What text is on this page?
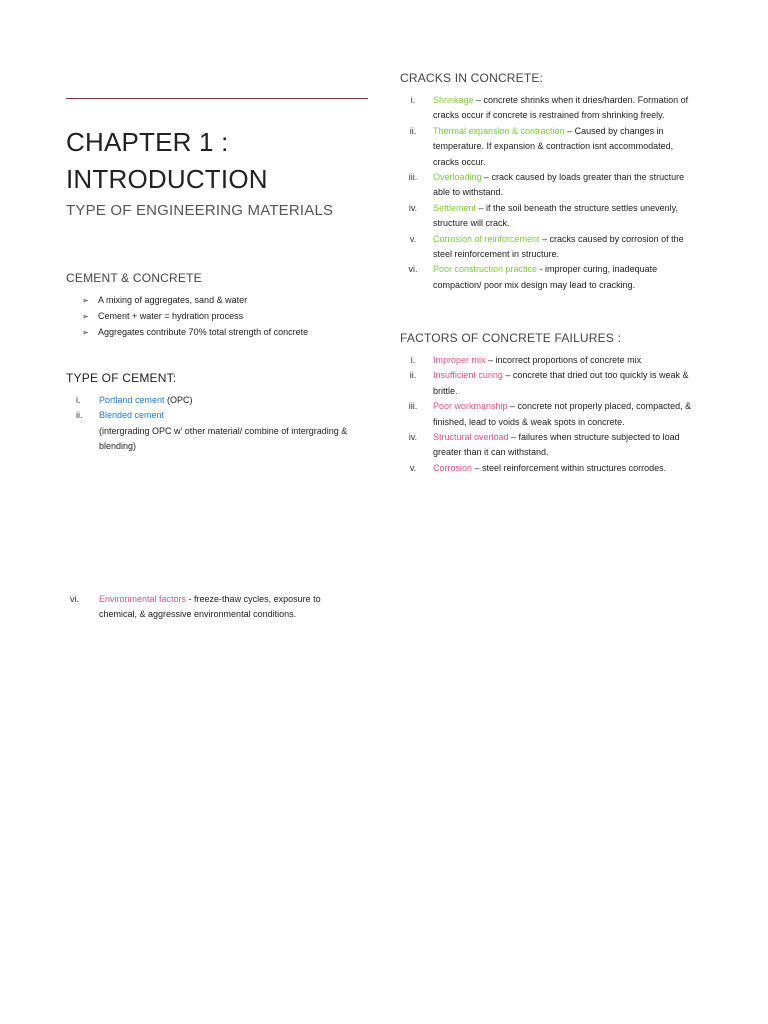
CHAPTER 1 :
INTRODUCTION
TYPE OF ENGINEERING MATERIALS
CEMENT & CONCRETE
➢	A mixing of aggregates, sand & water
➢	Cement + water = hydration process
➢	Aggregates contribute 70% total strength of concrete
TYPE OF CEMENT:
i.	Portland cement (OPC)
ii.	Blended cement
(intergrading OPC w’ other material/ combine of intergrading & blending)
vi.	Environmental factors - freeze-thaw cycles, exposure to chemical, & aggressive environmental conditions.
CRACKS IN CONCRETE:
i.	Shrinkage – concrete shrinks when it dries/harden. Formation of cracks occur if concrete is restrained from shrinking freely.
ii.	Thermal expansion & contraction – Caused by changes in temperature. If expansion & contraction isnt accommodated, cracks occur.
iii.	Overloading – crack caused by loads greater than the structure able to withstand.
iv.	Settlement – if the soil beneath the structure settles unevenly, structure will crack.
v.	Corrosion of reinforcement – cracks caused by corrosion of the steel reinforcement in structure.
vi.	Poor construction practice - improper curing, inadequate compaction/ poor mix design may lead to cracking.
FACTORS OF CONCRETE FAILURES :
i.	Improper mix – incorrect proportions of concrete mix
ii.	Insufficient curing – concrete that dried out too quickly is weak & brittle.
iii.	Poor workmanship – concrete not properly placed, compacted, & finished, lead to voids & weak spots in concrete.
iv.	Structural overload – failures when structure subjected to load greater than it can withstand.
v.	Corrosion – steel reinforcement within structures corrodes.
